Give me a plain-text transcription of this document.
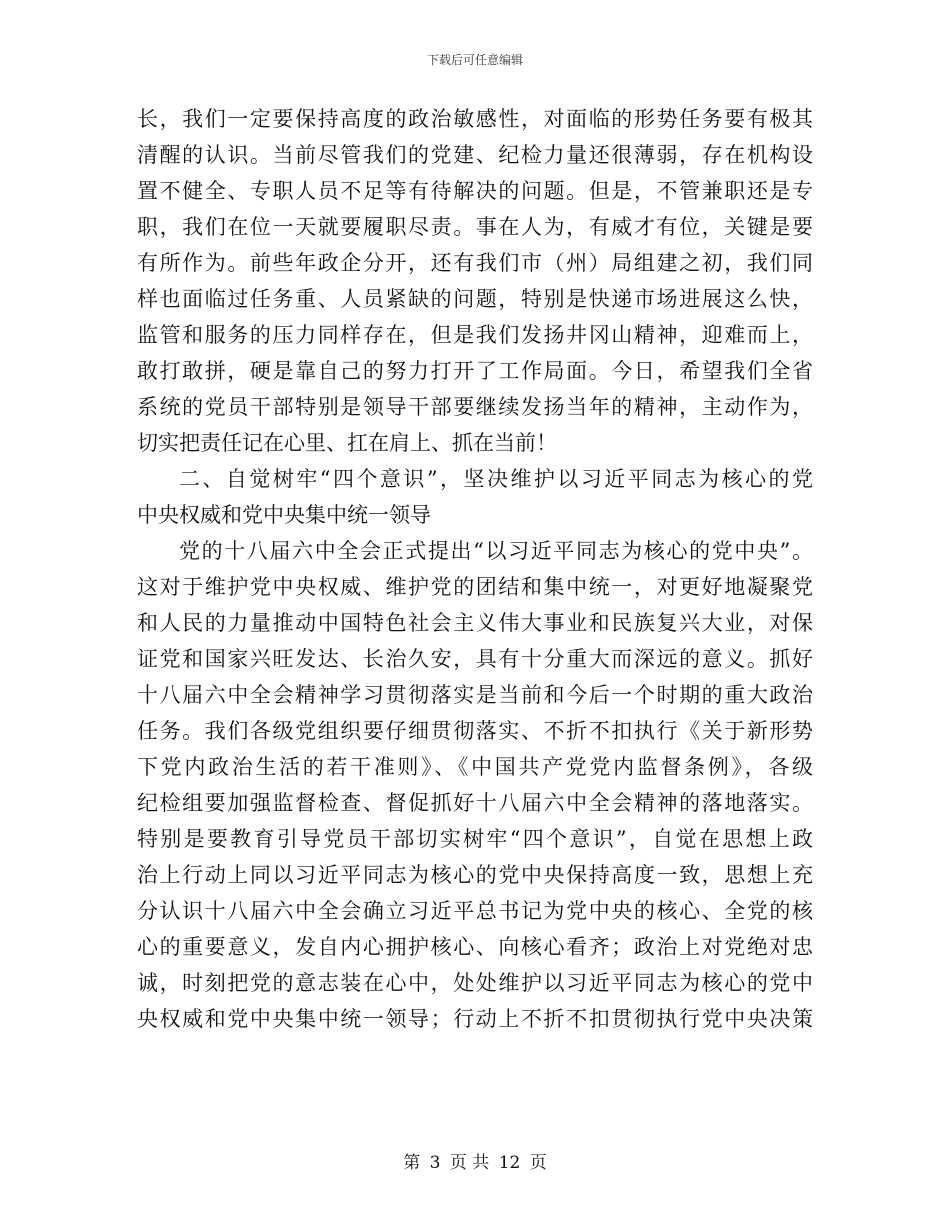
下载后可任意编辑
长，我们一定要保持高度的政治敏感性，对面临的形势任务要有极其
清醒的认识。当前尽管我们的党建、纪检力量还很薄弱，存在机构设
置不健全、专职人员不足等有待解决的问题。但是，不管兼职还是专
职，我们在位一天就要履职尽责。事在人为，有威才有位，关键是要
有所作为。前些年政企分开，还有我们市（州）局组建之初，我们同
样也面临过任务重、人员紧缺的问题，特别是快递市场进展这么快，
监管和服务的压力同样存在，但是我们发扬井冈山精神，迎难而上，
敢打敢拼，硬是靠自己的努力打开了工作局面。今日，希望我们全省
系统的党员干部特别是领导干部要继续发扬当年的精神，主动作为，
切实把责任记在心里、扛在肩上、抓在当前！
二、自觉树牢“四个意识”，坚决维护以习近平同志为核心的党
中央权威和党中央集中统一领导
党的十八届六中全会正式提出“以习近平同志为核心的党中央”。
这对于维护党中央权威、维护党的团结和集中统一，对更好地凝聚党
和人民的力量推动中国特色社会主义伟大事业和民族复兴大业，对保
证党和国家兴旺发达、长治久安，具有十分重大而深远的意义。抓好
十八届六中全会精神学习贯彻落实是当前和今后一个时期的重大政治
任务。我们各级党组织要仔细贯彻落实、不折不扣执行《关于新形势
下党内政治生活的若干准则》、《中国共产党党内监督条例》，各级
纪检组要加强监督检查、督促抓好十八届六中全会精神的落地落实。
特别是要教育引导党员干部切实树牢“四个意识”，自觉在思想上政
治上行动上同以习近平同志为核心的党中央保持高度一致，思想上充
分认识十八届六中全会确立习近平总书记为党中央的核心、全党的核
心的重要意义，发自内心拥护核心、向核心看齐；政治上对党绝对忠
诚，时刻把党的意志装在心中，处处维护以习近平同志为核心的党中
央权威和党中央集中统一领导；行动上不折不扣贯彻执行党中央决策
第 3 页 共 12 页
